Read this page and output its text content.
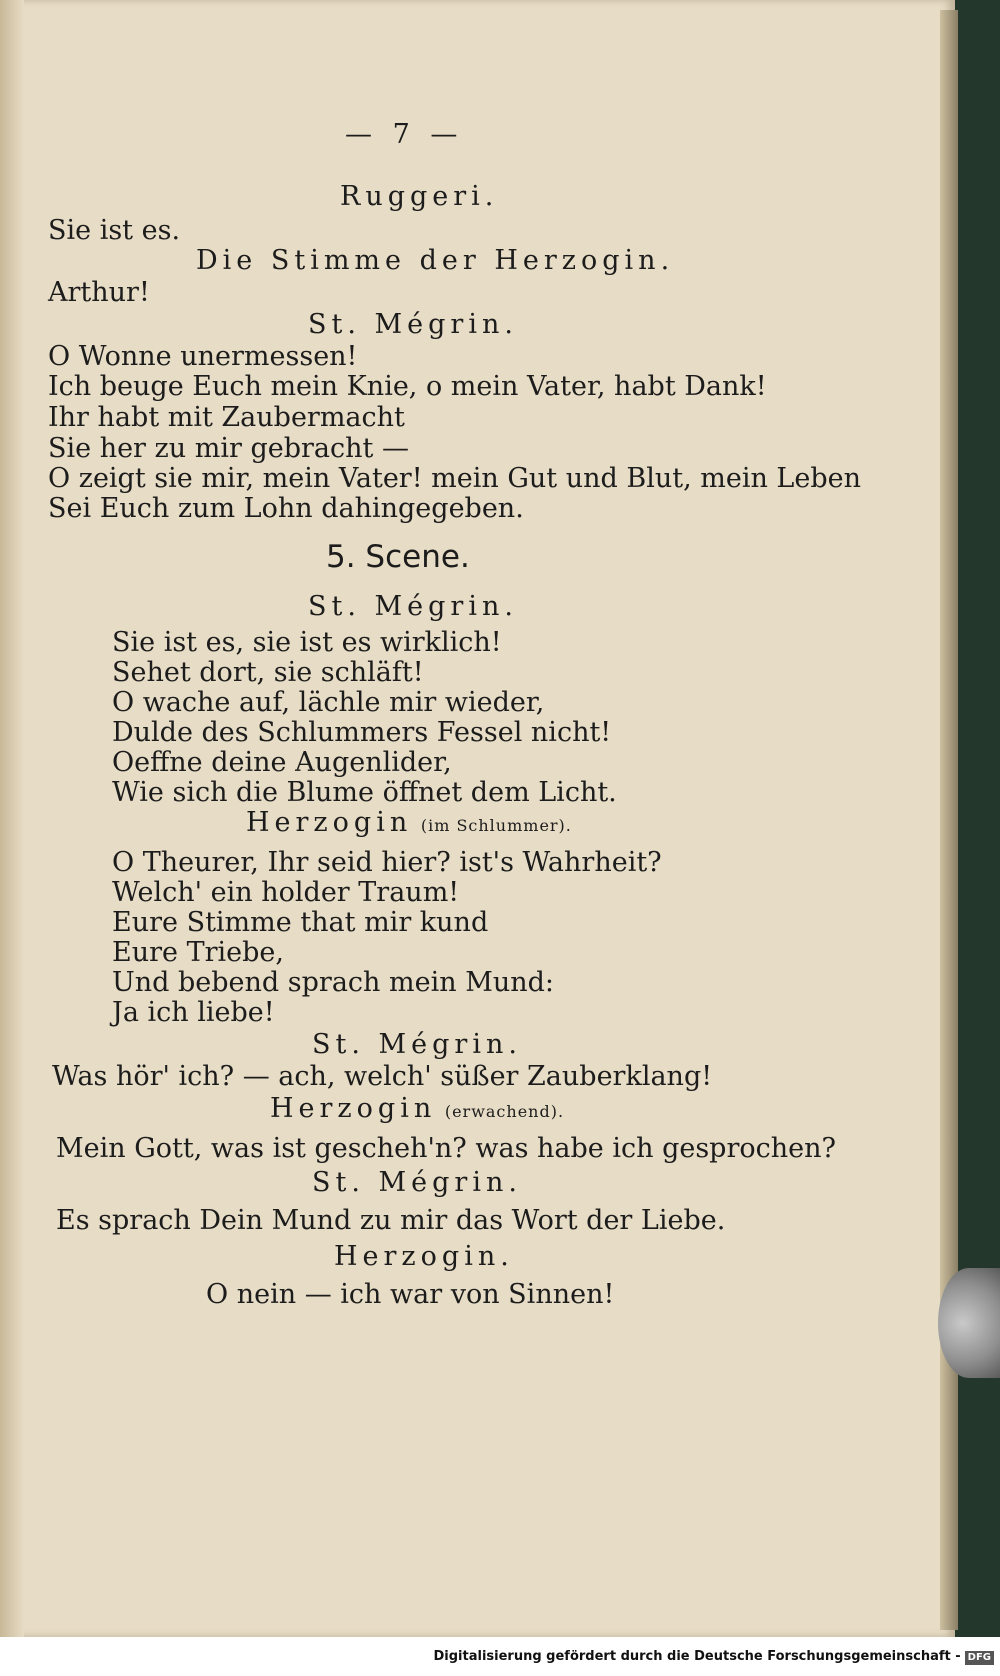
— 7 —
Ruggeri.
Sie ist es.
Die Stimme der Herzogin.
Arthur!
St. Mégrin.
O Wonne unermessen!
Ich beuge Euch mein Knie, o mein Vater, habt Dank!
Ihr habt mit Zaubermacht
Sie her zu mir gebracht —
O zeigt sie mir, mein Vater! mein Gut und Blut, mein Leben
Sei Euch zum Lohn dahingegeben.
5. Scene.
St. Mégrin.
Sie ist es, sie ist es wirklich!
Sehet dort, sie schläft!
O wache auf, lächle mir wieder,
Dulde des Schlummers Fessel nicht!
Oeffne deine Augenlider,
Wie sich die Blume öffnet dem Licht.
Herzogin (im Schlummer).
O Theurer, Ihr seid hier? ist's Wahrheit?
Welch' ein holder Traum!
Eure Stimme that mir kund
Eure Triebe,
Und bebend sprach mein Mund:
Ja ich liebe!
St. Mégrin.
Was hör' ich? — ach, welch' süßer Zauberklang!
Herzogin (erwachend).
Mein Gott, was ist gescheh'n? was habe ich gesprochen?
St. Mégrin.
Es sprach Dein Mund zu mir das Wort der Liebe.
Herzogin.
O nein — ich war von Sinnen!
Digitalisierung gefördert durch die Deutsche Forschungsgemeinschaft - DFG
